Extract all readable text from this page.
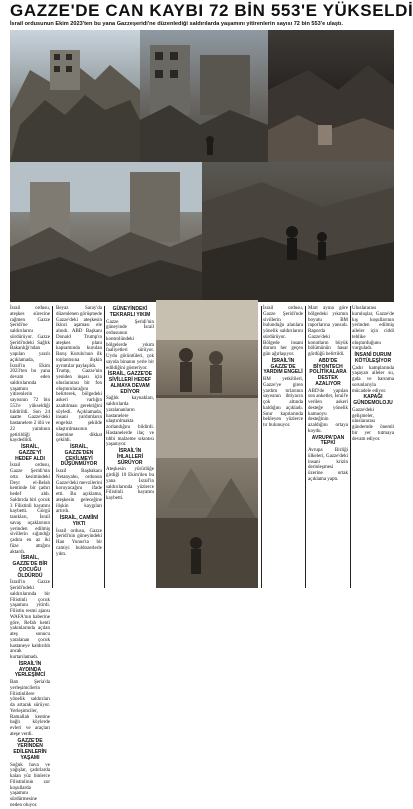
GAZZE'DE CAN KAYBI 72 BİN 553'E YÜKSELDİ
İsrail ordusunun Ekim 2023'ten bu yana Gazzeşeridi'ne düzenlediği saldırılarda yaşamını yitirenlerin sayısı 72 bin 553'e ulaştı.

İsrail ordusu, ateşkes sürecine rağmen Gazze Şeridi'ne saldırılarını sürdürüyor. Gazze Şeridi'ndeki Sağlık Bakanlığı'ndan yapılan yazılı açıklamada, İsrail'in Ekim 2023'ten bu yana devam eden saldırılarında yaşamını yitirenlerin sayısının 72 bin 553'e yükseldiği bildirildi. Son 24 saatte Gazze'deki hastanelere 2 ölü ve 22 yaralının getirildiği kaydedildi.

İSRAİL, GAZZE'Yİ HEDEF ALDI

İsrail ordusu, Gazze Şeridi'nin orta kesimindeki Deyr el-Belah kentinde bir çadırı hedef aldı. Saldırıda biri çocuk 3 Filistinli hayatını kaybetti. Görgü tanıkları, İsrail savaş uçaklarının yerinden edilmiş sivillerin sığındığı çadıra en az iki füze attığını aktardı.

İSRAİL, GAZZE'DE BİR ÇOCUĞU ÖLDÜRDÜ

İsrail'in Gazze Şeridi'ndeki saldırılarında bir Filistinli çocuk yaşamını yitirdi. Filistin resmi ajansı WAFA'nın haberine göre, Refah kenti yakınlarında açılan ateş sonucu yaralanan çocuk hastaneye kaldırıldı ancak kurtarılamadı.

İSRAİL'İN AYDINDA YERLEŞİMCİ

Batı Şeria'da yerleşimcilerin Filistinlilere yönelik saldırıları da artarak sürüyor. Yerleşimciler, Ramallah kentine bağlı köylerde evleri ve araçları ateşe verdi.

GAZZE'DE YERİNDEN EDİLENLERİN YAŞAMI

Soğuk hava ve yağışlar, çadırlarda kalan yüz binlerce Filistinlinin zor koşullarda yaşamını sürdürmesine neden oluyor.

Beyaz Saray'da düzenlenen görüşmede Gazze'deki ateşkesin ikinci aşaması ele alındı. ABD Başkanı Donald Trump'ın ateşkes planı kapsamında kurulan Barış Kurulu'nun ilk toplantısına ilişkin ayrıntılar paylaşıldı.

Trump, Gazze'nin yeniden inşası için uluslararası bir fon oluşturulacağını belirterek, bölgedeki askeri varlığın azaltılması gerektiğini söyledi. Açıklamada, insani yardımların engelsiz şekilde ulaştırılmasının önemine dikkat çekildi.

İSRAİL, GAZZE'DEN ÇEKİLMEYİ DÜŞÜNMÜYOR

İsrail Başbakanı Netanyahu, ordunun Gazze'deki mevzilerini koruyacağını ifade etti. Bu açıklama, ateşkesin geleceğine ilişkin kaygıları artırdı.

İSRAİL, CAMİİNİ YIKTI

İsrail ordusu, Gazze Şeridi'nin güneyindeki Han Yunus'ta bir camiyi buldozerlerle yıktı.

GÜNEYİNDEKİ TEKRARLI YIKIM

Gazze Şeridi'nin güneyinde İsrail ordusunun kontrolündeki bölgelerde yıkım faaliyetleri sürüyor. Uydu görüntüleri, çok sayıda binanın yerle bir edildiğini gösteriyor.

İSRAİL, GAZZE'DE SİVİLLERİ HEDEF ALMAYA DEVAM EDİYOR

Sağlık kaynakları, saldırılarda yaralananların hastanelere ulaştırılmakta zorlandığını bildirdi. Hastanelerde ilaç ve tıbbi malzeme sıkıntısı yaşanıyor.

İSRAİL'İN İHLALLERİ SÜRÜYOR

Ateşkesin yürürlüğe girdiği 10 Ekim'den bu yana İsrail'in saldırılarında yüzlerce Filistinli hayatını kaybetti.

İsrail ordusu, Gazze Şeridi'nde sivillerin bulunduğu alanlara yönelik saldırılarını sürdürüyor. Bölgede insani durum her geçen gün ağırlaşıyor.

İSRAİL'İN GAZZE'DE YARDIM ENGELİ

BM yetkilileri, Gazze'ye giren yardım tırlarının sayısının ihtiyacın çok altında kaldığını açıkladı. Sınır kapılarında bekleyen yüzlerce tır bulunuyor.

Mart ayına göre bölgedeki yıkımın boyutu BM raporlarına yansıdı. Raporda Gazze'deki konutların büyük bölümünün hasar gördüğü belirtildi.

ABD'DE BİYONTECH POLİTİKALARA DESTEK AZALIYOR

ABD'de yapılan son anketler, İsrail'e verilen askeri desteğe yönelik kamuoyu desteğinin azaldığını ortaya koydu.

AVRUPA'DAN TEPKİ

Avrupa Birliği ülkeleri, Gazze'deki insani krizin derinleşmesi üzerine ortak açıklama yaptı.

Uluslararası kuruluşlar, Gazze'de kış koşullarının yerinden edilmiş aileler için ciddi tehlike oluşturduğunu vurguladı.

İNSANİ DURUM KÖTÜLEŞİYOR

Çadır kamplarında yaşayan aileler su, gıda ve barınma sorunlarıyla mücadele ediyor.

KAPAĞI GÜNDEMOLOJU

Gazze'deki gelişmeler, uluslararası gündemde önemli bir yer tutmaya devam ediyor.
